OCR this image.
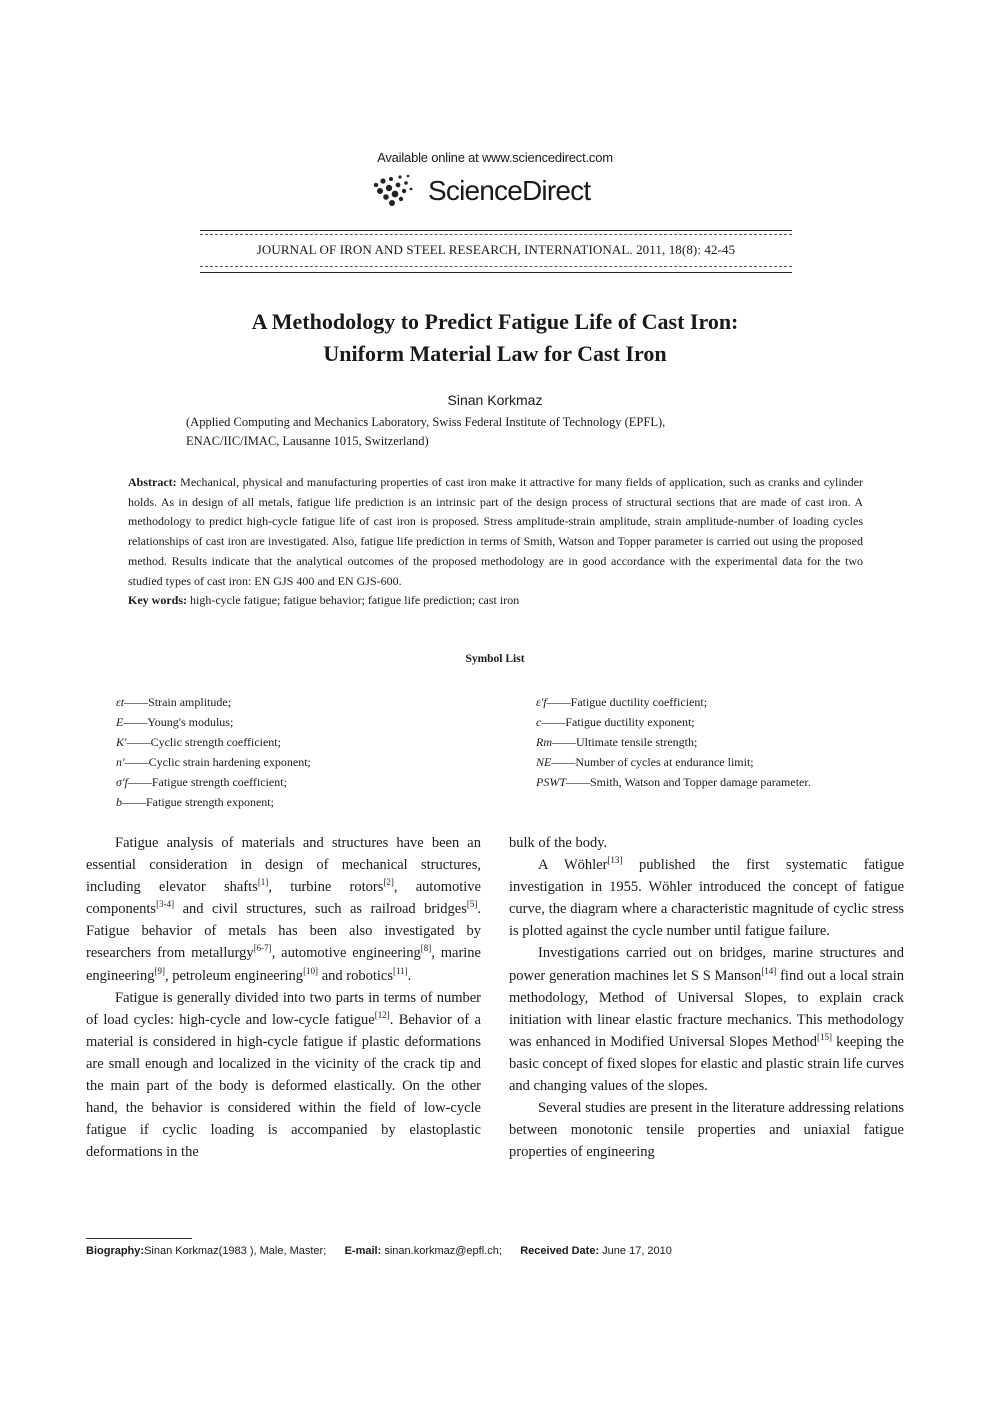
Available online at www.sciencedirect.com
ScienceDirect
JOURNAL OF IRON AND STEEL RESEARCH, INTERNATIONAL. 2011, 18(8): 42-45
A Methodology to Predict Fatigue Life of Cast Iron:
Uniform Material Law for Cast Iron
Sinan Korkmaz
(Applied Computing and Mechanics Laboratory, Swiss Federal Institute of Technology (EPFL),
ENAC/IIC/IMAC, Lausanne 1015, Switzerland)
Abstract: Mechanical, physical and manufacturing properties of cast iron make it attractive for many fields of application, such as cranks and cylinder holds. As in design of all metals, fatigue life prediction is an intrinsic part of the design process of structural sections that are made of cast iron. A methodology to predict high-cycle fatigue life of cast iron is proposed. Stress amplitude-strain amplitude, strain amplitude-number of loading cycles relationships of cast iron are investigated. Also, fatigue life prediction in terms of Smith, Watson and Topper parameter is carried out using the proposed method. Results indicate that the analytical outcomes of the proposed methodology are in good accordance with the experimental data for the two studied types of cast iron: EN GJS 400 and EN GJS-600.
Key words: high-cycle fatigue; fatigue behavior; fatigue life prediction; cast iron
Symbol List
εt——Strain amplitude;
E——Young's modulus;
K'——Cyclic strength coefficient;
n'——Cyclic strain hardening exponent;
σ'f——Fatigue strength coefficient;
b——Fatigue strength exponent;
ε'f——Fatigue ductility coefficient;
c——Fatigue ductility exponent;
Rm——Ultimate tensile strength;
NE——Number of cycles at endurance limit;
PSWT——Smith, Watson and Topper damage parameter.

Fatigue analysis of materials and structures have been an essential consideration in design of mechanical structures, including elevator shafts[1], turbine rotors[2], automotive components[3-4] and civil structures, such as railroad bridges[5]. Fatigue behavior of metals has been also investigated by researchers from metallurgy[6-7], automotive engineering[8], marine engineering[9], petroleum engineering[10] and robotics[11].

Fatigue is generally divided into two parts in terms of number of load cycles: high-cycle and low-cycle fatigue[12]. Behavior of a material is considered in high-cycle fatigue if plastic deformations are small enough and localized in the vicinity of the crack tip and the main part of the body is deformed elastically. On the other hand, the behavior is considered within the field of low-cycle fatigue if cyclic loading is accompanied by elastoplastic deformations in the

bulk of the body.

A Wöhler[13] published the first systematic fatigue investigation in 1955. Wöhler introduced the concept of fatigue curve, the diagram where a characteristic magnitude of cyclic stress is plotted against the cycle number until fatigue failure.

Investigations carried out on bridges, marine structures and power generation machines let S S Manson[14] find out a local strain methodology, Method of Universal Slopes, to explain crack initiation with linear elastic fracture mechanics. This methodology was enhanced in Modified Universal Slopes Method[15] keeping the basic concept of fixed slopes for elastic and plastic strain life curves and changing values of the slopes.

Several studies are present in the literature addressing relations between monotonic tensile properties and uniaxial fatigue properties of engineering

Biography:Sinan Korkmaz(1983 ), Male, Master; E-mail: sinan.korkmaz@epfl.ch; Received Date: June 17, 2010
